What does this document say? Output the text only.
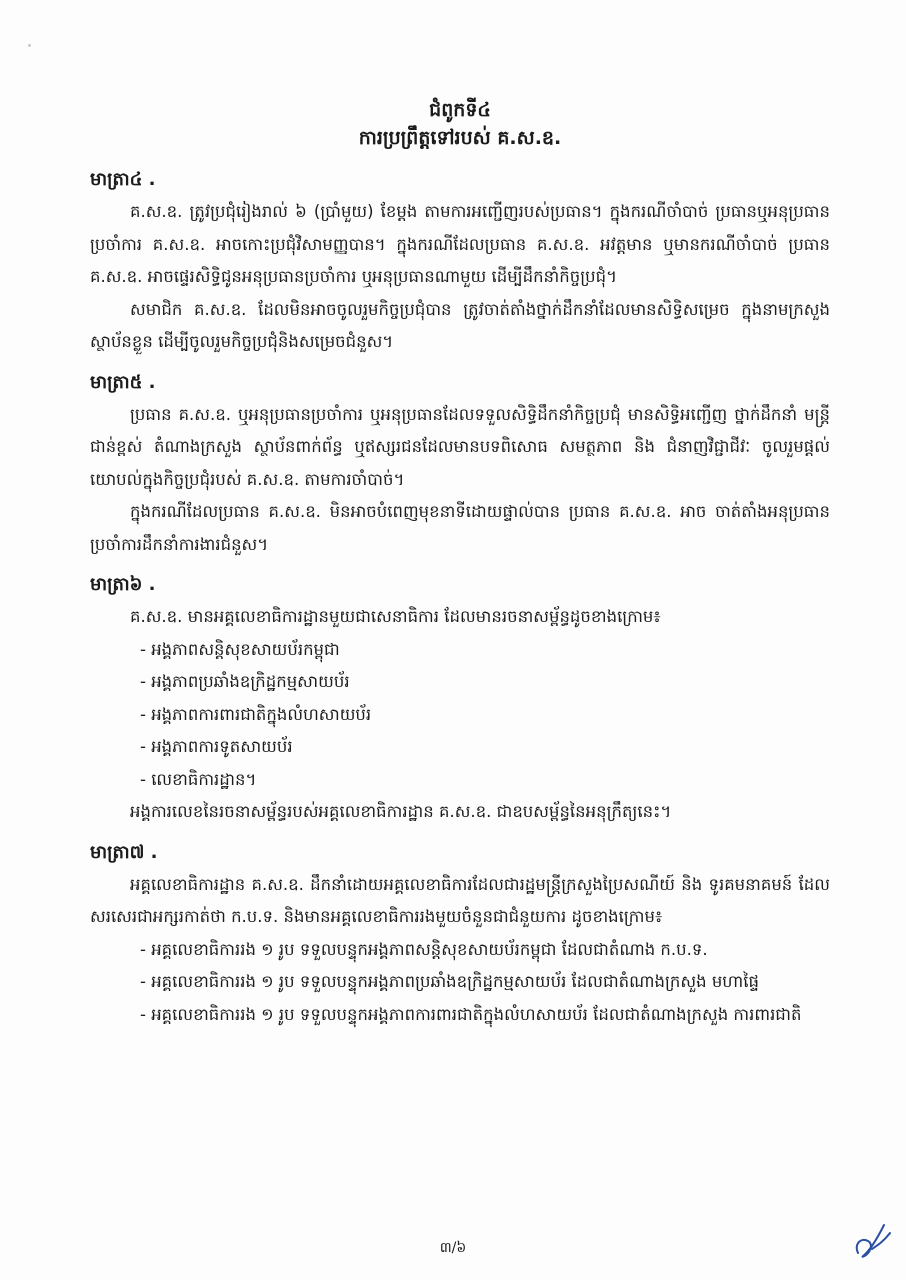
ជំពូកទី៤

ការប្រព្រឹត្តទៅរបស់ គ.ស.ឧ.

មាត្រា៤ .

គ.ស.ឧ. ត្រូវប្រជុំរៀងរាល់ ៦ (ប្រាំមួយ) ខែម្តង តាមការអញ្ជើញរបស់ប្រធាន។ ក្នុងករណីចាំបាច់ ប្រធានឬអនុប្រធានប្រចាំការ គ.ស.ឧ. អាចកោះប្រជុំវិសាមញ្ញបាន។ ក្នុងករណីដែលប្រធាន គ.ស.ឧ. អវត្តមាន ឬមានករណីចាំបាច់ ប្រធាន គ.ស.ឧ. អាចផ្ទេរសិទ្ធិជូនអនុប្រធានប្រចាំការ ឬអនុប្រធានណាមួយ ដើម្បីដឹកនាំកិច្ចប្រជុំ។

សមាជិក គ.ស.ឧ. ដែលមិនអាចចូលរួមកិច្ចប្រជុំបាន ត្រូវចាត់តាំងថ្នាក់ដឹកនាំដែលមានសិទ្ធិសម្រេច ក្នុងនាមក្រសួង ស្ថាប័នខ្លួន ដើម្បីចូលរួមកិច្ចប្រជុំនិងសម្រេចជំនួស។

មាត្រា៥ .

ប្រធាន គ.ស.ឧ. ឬអនុប្រធានប្រចាំការ ឬអនុប្រធានដែលទទួលសិទ្ធិដឹកនាំកិច្ចប្រជុំ មានសិទ្ធិអញ្ជើញ ថ្នាក់ដឹកនាំ មន្ត្រីជាន់ខ្ពស់ តំណាងក្រសួង ស្ថាប័នពាក់ព័ន្ធ ឬឥស្សរជនដែលមានបទពិសោធ សមត្ថភាព និង ជំនាញវិជ្ជាជីវៈ ចូលរួមផ្តល់យោបល់ក្នុងកិច្ចប្រជុំរបស់ គ.ស.ឧ. តាមការចាំបាច់។

ក្នុងករណីដែលប្រធាន គ.ស.ឧ. មិនអាចបំពេញមុខនាទីដោយផ្ទាល់បាន ប្រធាន គ.ស.ឧ. អាច ចាត់តាំងអនុប្រធានប្រចាំការដឹកនាំការងារជំនួស។

មាត្រា៦ .

គ.ស.ឧ. មានអគ្គលេខាធិការដ្ឋានមួយជាសេនាធិការ ដែលមានរចនាសម្ព័ន្ធដូចខាងក្រោម៖

- អង្គភាពសន្តិសុខសាយប័រកម្ពុជា
- អង្គភាពប្រឆាំងឧក្រិដ្ឋកម្មសាយប័រ
- អង្គភាពការពារជាតិក្នុងលំហសាយប័រ
- អង្គភាពការទូតសាយប័រ
- លេខាធិការដ្ឋាន។

អង្គការលេខនៃរចនាសម្ព័ន្ធរបស់អគ្គលេខាធិការដ្ឋាន គ.ស.ឧ. ជាឧបសម្ព័ន្ធនៃអនុក្រឹត្យនេះ។

មាត្រា៧ .

អគ្គលេខាធិការដ្ឋាន គ.ស.ឧ. ដឹកនាំដោយអគ្គលេខាធិការដែលជារដ្ឋមន្ត្រីក្រសួងប្រៃសណីយ៍ និង ទូរគមនាគមន៍ ដែលសរសេរជាអក្សរកាត់ថា ក.ប.ទ. និងមានអគ្គលេខាធិការរងមួយចំនួនជាជំនួយការ ដូចខាងក្រោម៖

- អគ្គលេខាធិការរង ១ រូប ទទួលបន្ទុកអង្គភាពសន្តិសុខសាយប័រកម្ពុជា ដែលជាតំណាង ក.ប.ទ.
- អគ្គលេខាធិការរង ១ រូប ទទួលបន្ទុកអង្គភាពប្រឆាំងឧក្រិដ្ឋកម្មសាយប័រ ដែលជាតំណាងក្រសួង មហាផ្ទៃ
- អគ្គលេខាធិការរង ១ រូប ទទួលបន្ទុកអង្គភាពការពារជាតិក្នុងលំហសាយប័រ ដែលជាតំណាងក្រសួង ការពារជាតិ
៣/៦
